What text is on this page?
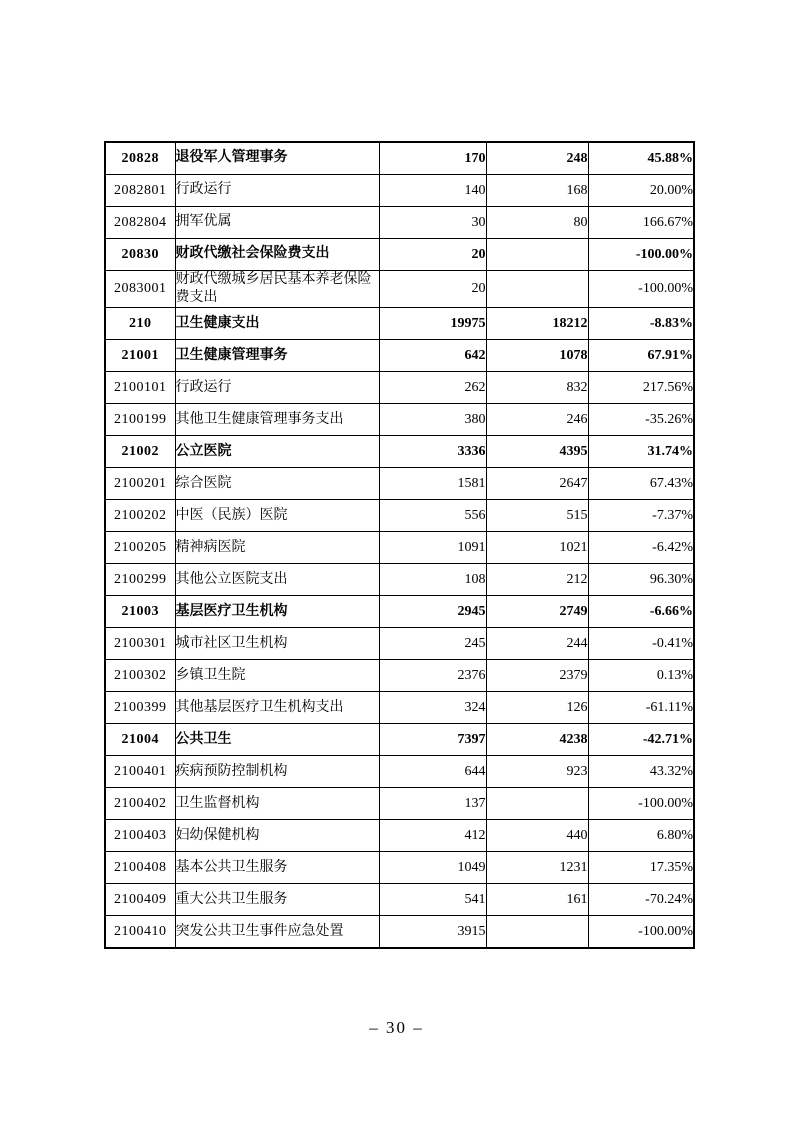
20828	退役军人管理事务	170	248	45.88%
2082801	行政运行	140	168	20.00%
2082804	拥军优属	30	80	166.67%
20830	财政代缴社会保险费支出	20		-100.00%
2083001	财政代缴城乡居民基本养老保险费支出	20		-100.00%
210	卫生健康支出	19975	18212	-8.83%
21001	卫生健康管理事务	642	1078	67.91%
2100101	行政运行	262	832	217.56%
2100199	其他卫生健康管理事务支出	380	246	-35.26%
21002	公立医院	3336	4395	31.74%
2100201	综合医院	1581	2647	67.43%
2100202	中医（民族）医院	556	515	-7.37%
2100205	精神病医院	1091	1021	-6.42%
2100299	其他公立医院支出	108	212	96.30%
21003	基层医疗卫生机构	2945	2749	-6.66%
2100301	城市社区卫生机构	245	244	-0.41%
2100302	乡镇卫生院	2376	2379	0.13%
2100399	其他基层医疗卫生机构支出	324	126	-61.11%
21004	公共卫生	7397	4238	-42.71%
2100401	疾病预防控制机构	644	923	43.32%
2100402	卫生监督机构	137		-100.00%
2100403	妇幼保健机构	412	440	6.80%
2100408	基本公共卫生服务	1049	1231	17.35%
2100409	重大公共卫生服务	541	161	-70.24%
2100410	突发公共卫生事件应急处置	3915		-100.00%
– 30 –
